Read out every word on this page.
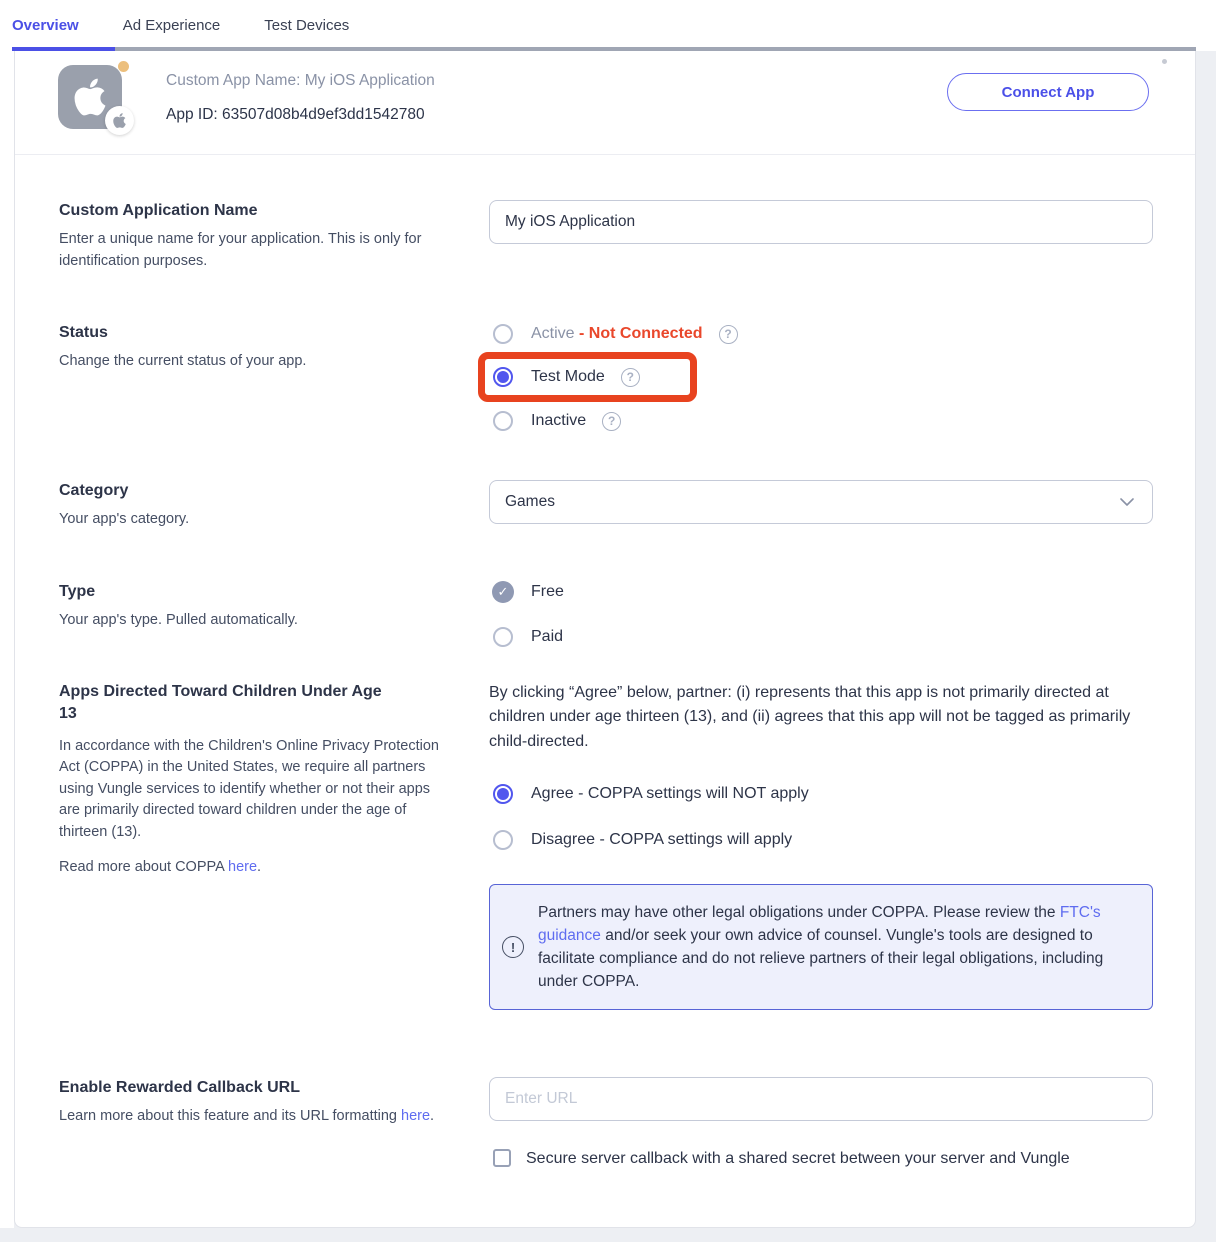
Overview	Ad Experience	Test Devices
Custom App Name: My iOS Application
App ID: 63507d08b4d9ef3dd1542780
Connect App
Custom Application Name
Enter a unique name for your application. This is only for identification purposes.
My iOS Application
Status
Change the current status of your app.
Active - Not Connected
?
Test Mode
?
Inactive
?
Category
Your app's category.
Games
Type
Your app's type. Pulled automatically.
✓
Free
Paid
Apps Directed Toward Children Under Age 13
In accordance with the Children's Online Privacy Protection Act (COPPA) in the United States, we require all partners using Vungle services to identify whether or not their apps are primarily directed toward children under the age of thirteen (13).
Read more about COPPA here.
By clicking “Agree” below, partner: (i) represents that this app is not primarily directed at children under age thirteen (13), and (ii) agrees that this app will not be tagged as primarily child-directed.
Agree - COPPA settings will NOT apply
Disagree - COPPA settings will apply
!
Partners may have other legal obligations under COPPA. Please review the FTC's guidance and/or seek your own advice of counsel. Vungle's tools are designed to facilitate compliance and do not relieve partners of their legal obligations, including under COPPA.
Enable Rewarded Callback URL
Learn more about this feature and its URL formatting here.
Enter URL
Secure server callback with a shared secret between your server and Vungle
